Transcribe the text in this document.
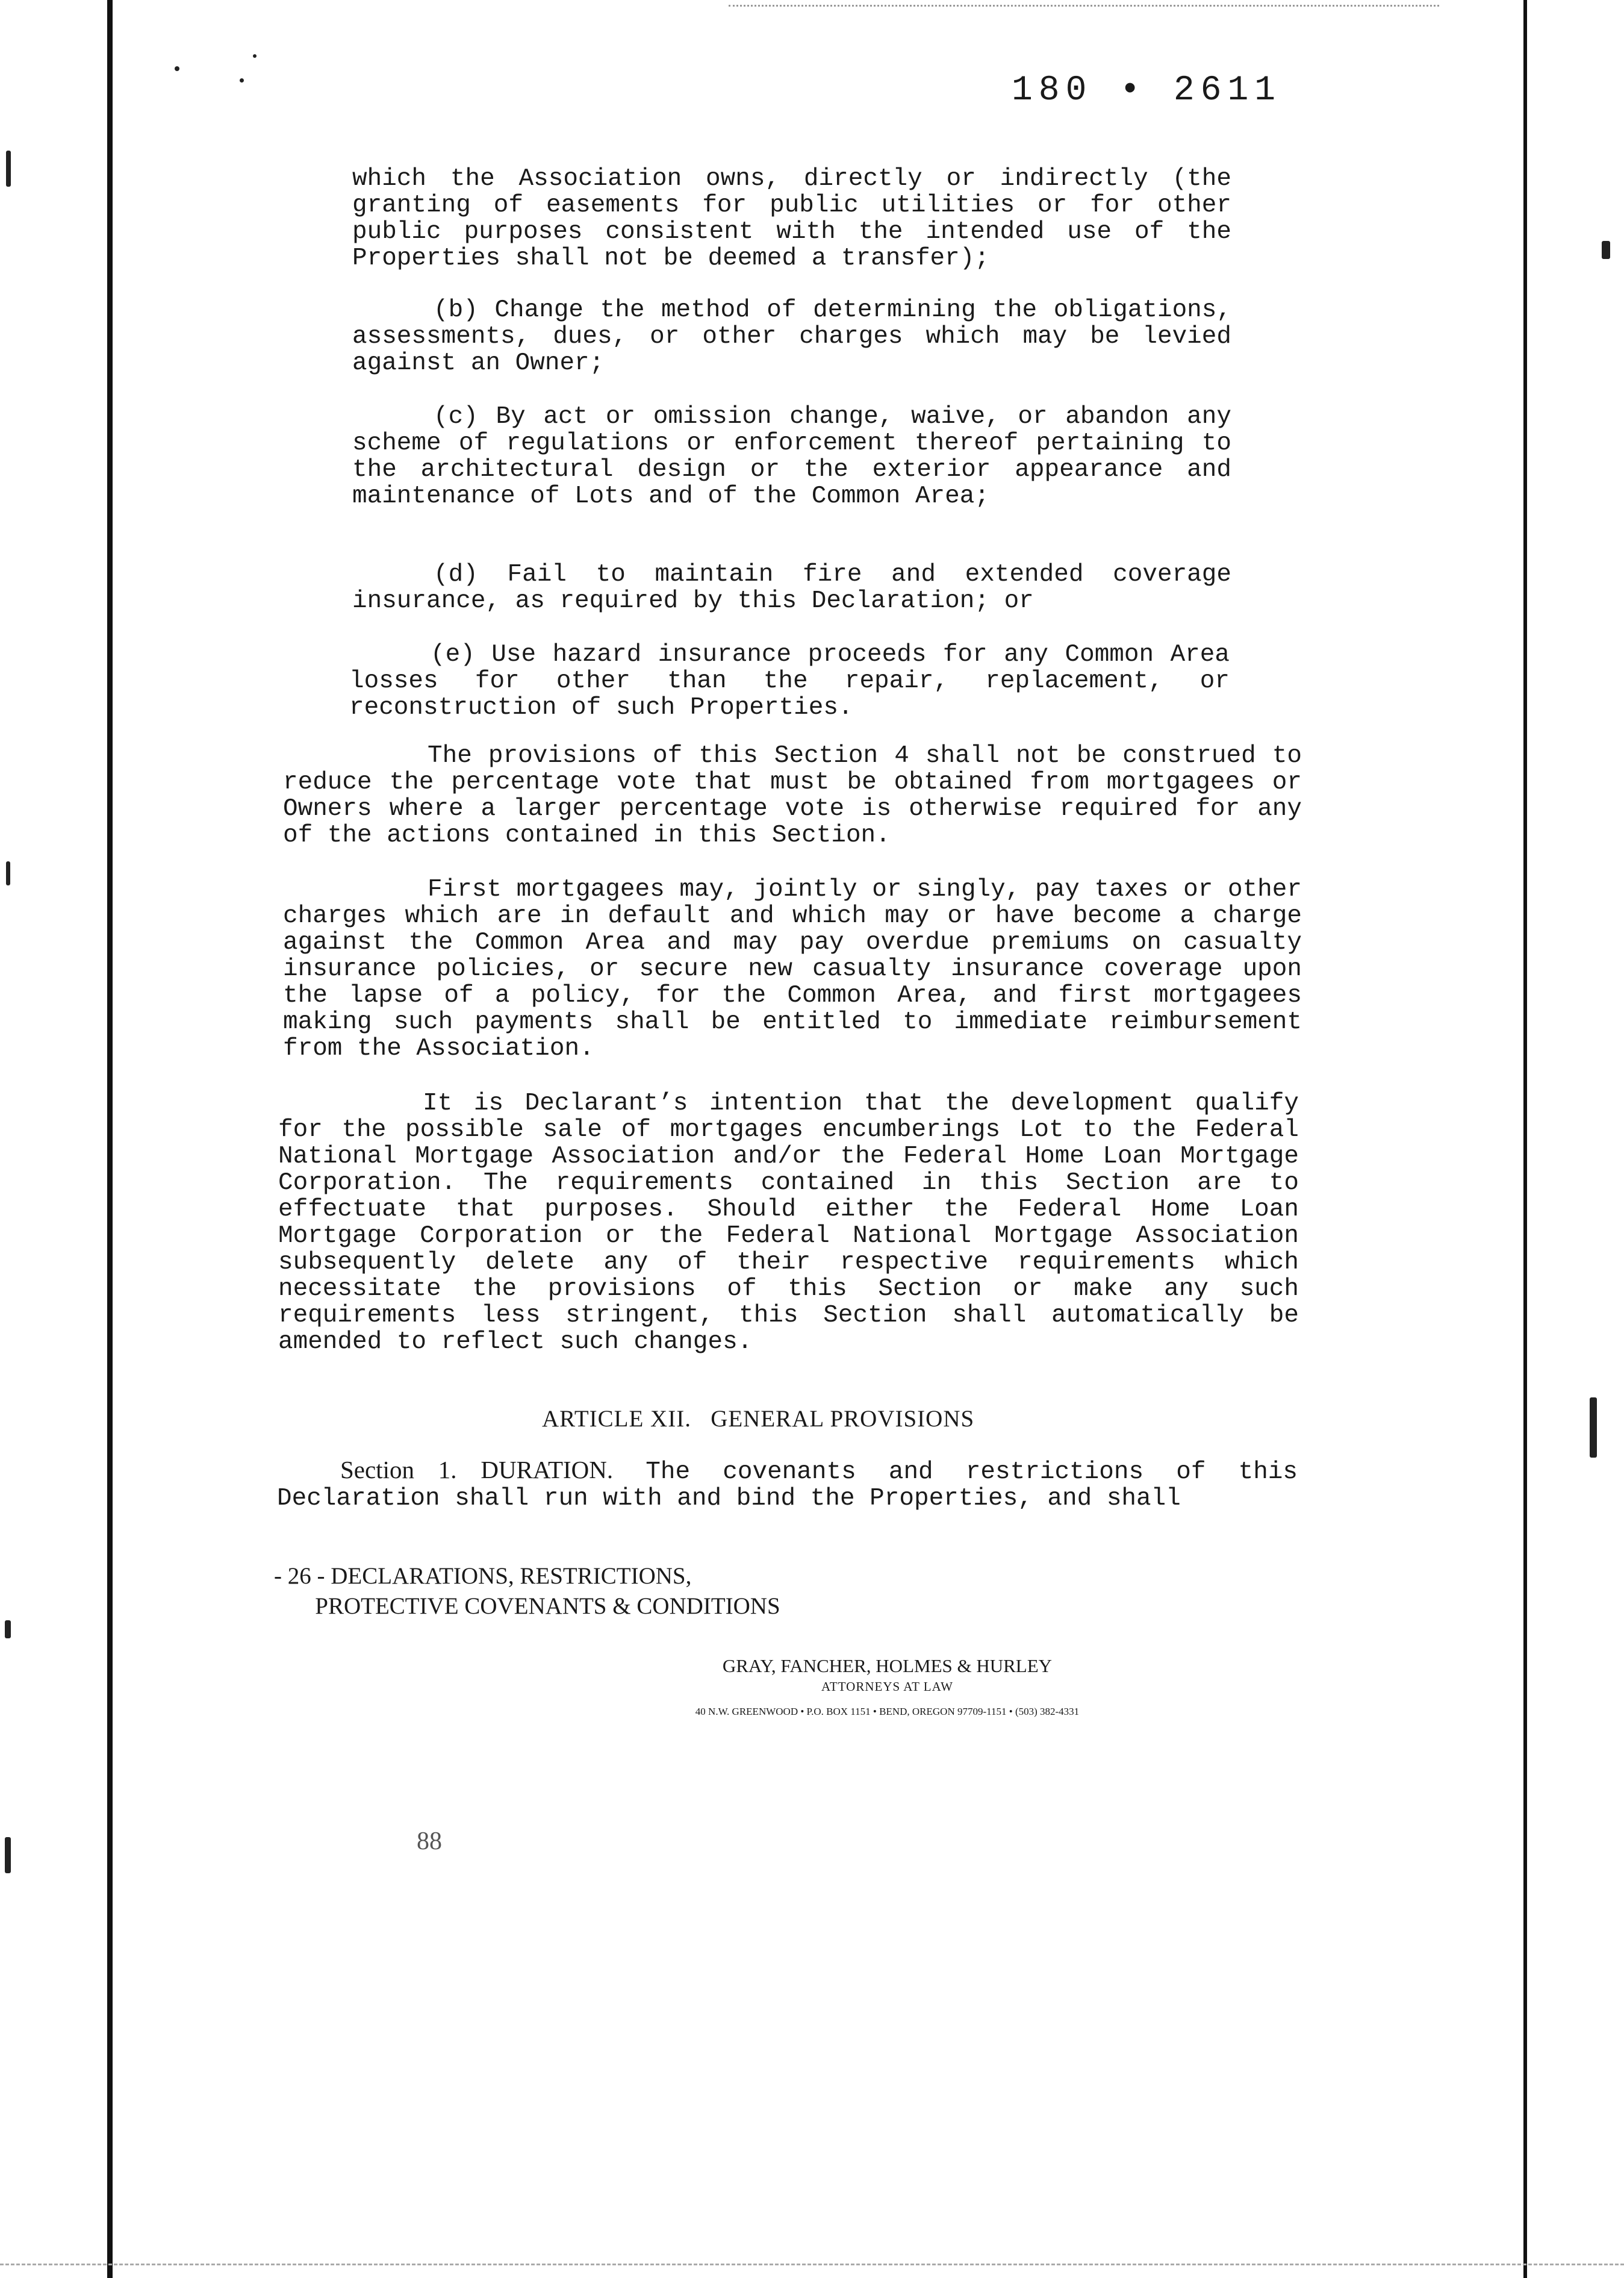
180 • 2611

which the Association owns, directly or indirectly (the granting of easements for public utilities or for other public purposes consistent with the intended use of the Properties shall not be deemed a transfer);

(b) Change the method of determining the obligations, assessments, dues, or other charges which may be levied against an Owner;

(c) By act or omission change, waive, or abandon any scheme of regulations or enforcement thereof pertaining to the architectural design or the exterior appearance and maintenance of Lots and of the Common Area;

(d) Fail to maintain fire and extended coverage insurance, as required by this Declaration; or

(e) Use hazard insurance proceeds for any Common Area losses for other than the repair, replacement, or reconstruction of such Properties.

The provisions of this Section 4 shall not be construed to reduce the percentage vote that must be obtained from mortgagees or Owners where a larger percentage vote is otherwise required for any of the actions contained in this Section.

First mortgagees may, jointly or singly, pay taxes or other charges which are in default and which may or have become a charge against the Common Area and may pay overdue premiums on casualty insurance policies, or secure new casualty insurance coverage upon the lapse of a policy, for the Common Area, and first mortgagees making such payments shall be entitled to immediate reimbursement from the Association.

It is Declarant’s intention that the development qualify for the possible sale of mortgages encumberings Lot to the Federal National Mortgage Association and/or the Federal Home Loan Mortgage Corporation. The requirements contained in this Section are to effectuate that purposes. Should either the Federal Home Loan Mortgage Corporation or the Federal National Mortgage Association subsequently delete any of their respective requirements which necessitate the provisions of this Section or make any such requirements less stringent, this Section shall automatically be amended to reflect such changes.

ARTICLE XII.   GENERAL PROVISIONS

Section 1. DURATION. The covenants and restrictions of this Declaration shall run with and bind the Properties, and shall

- 26 - DECLARATIONS, RESTRICTIONS,
PROTECTIVE COVENANTS & CONDITIONS
GRAY, FANCHER, HOLMES & HURLEY
ATTORNEYS AT LAW
40 N.W. GREENWOOD • P.O. BOX 1151 • BEND, OREGON 97709-1151 • (503) 382-4331
88
